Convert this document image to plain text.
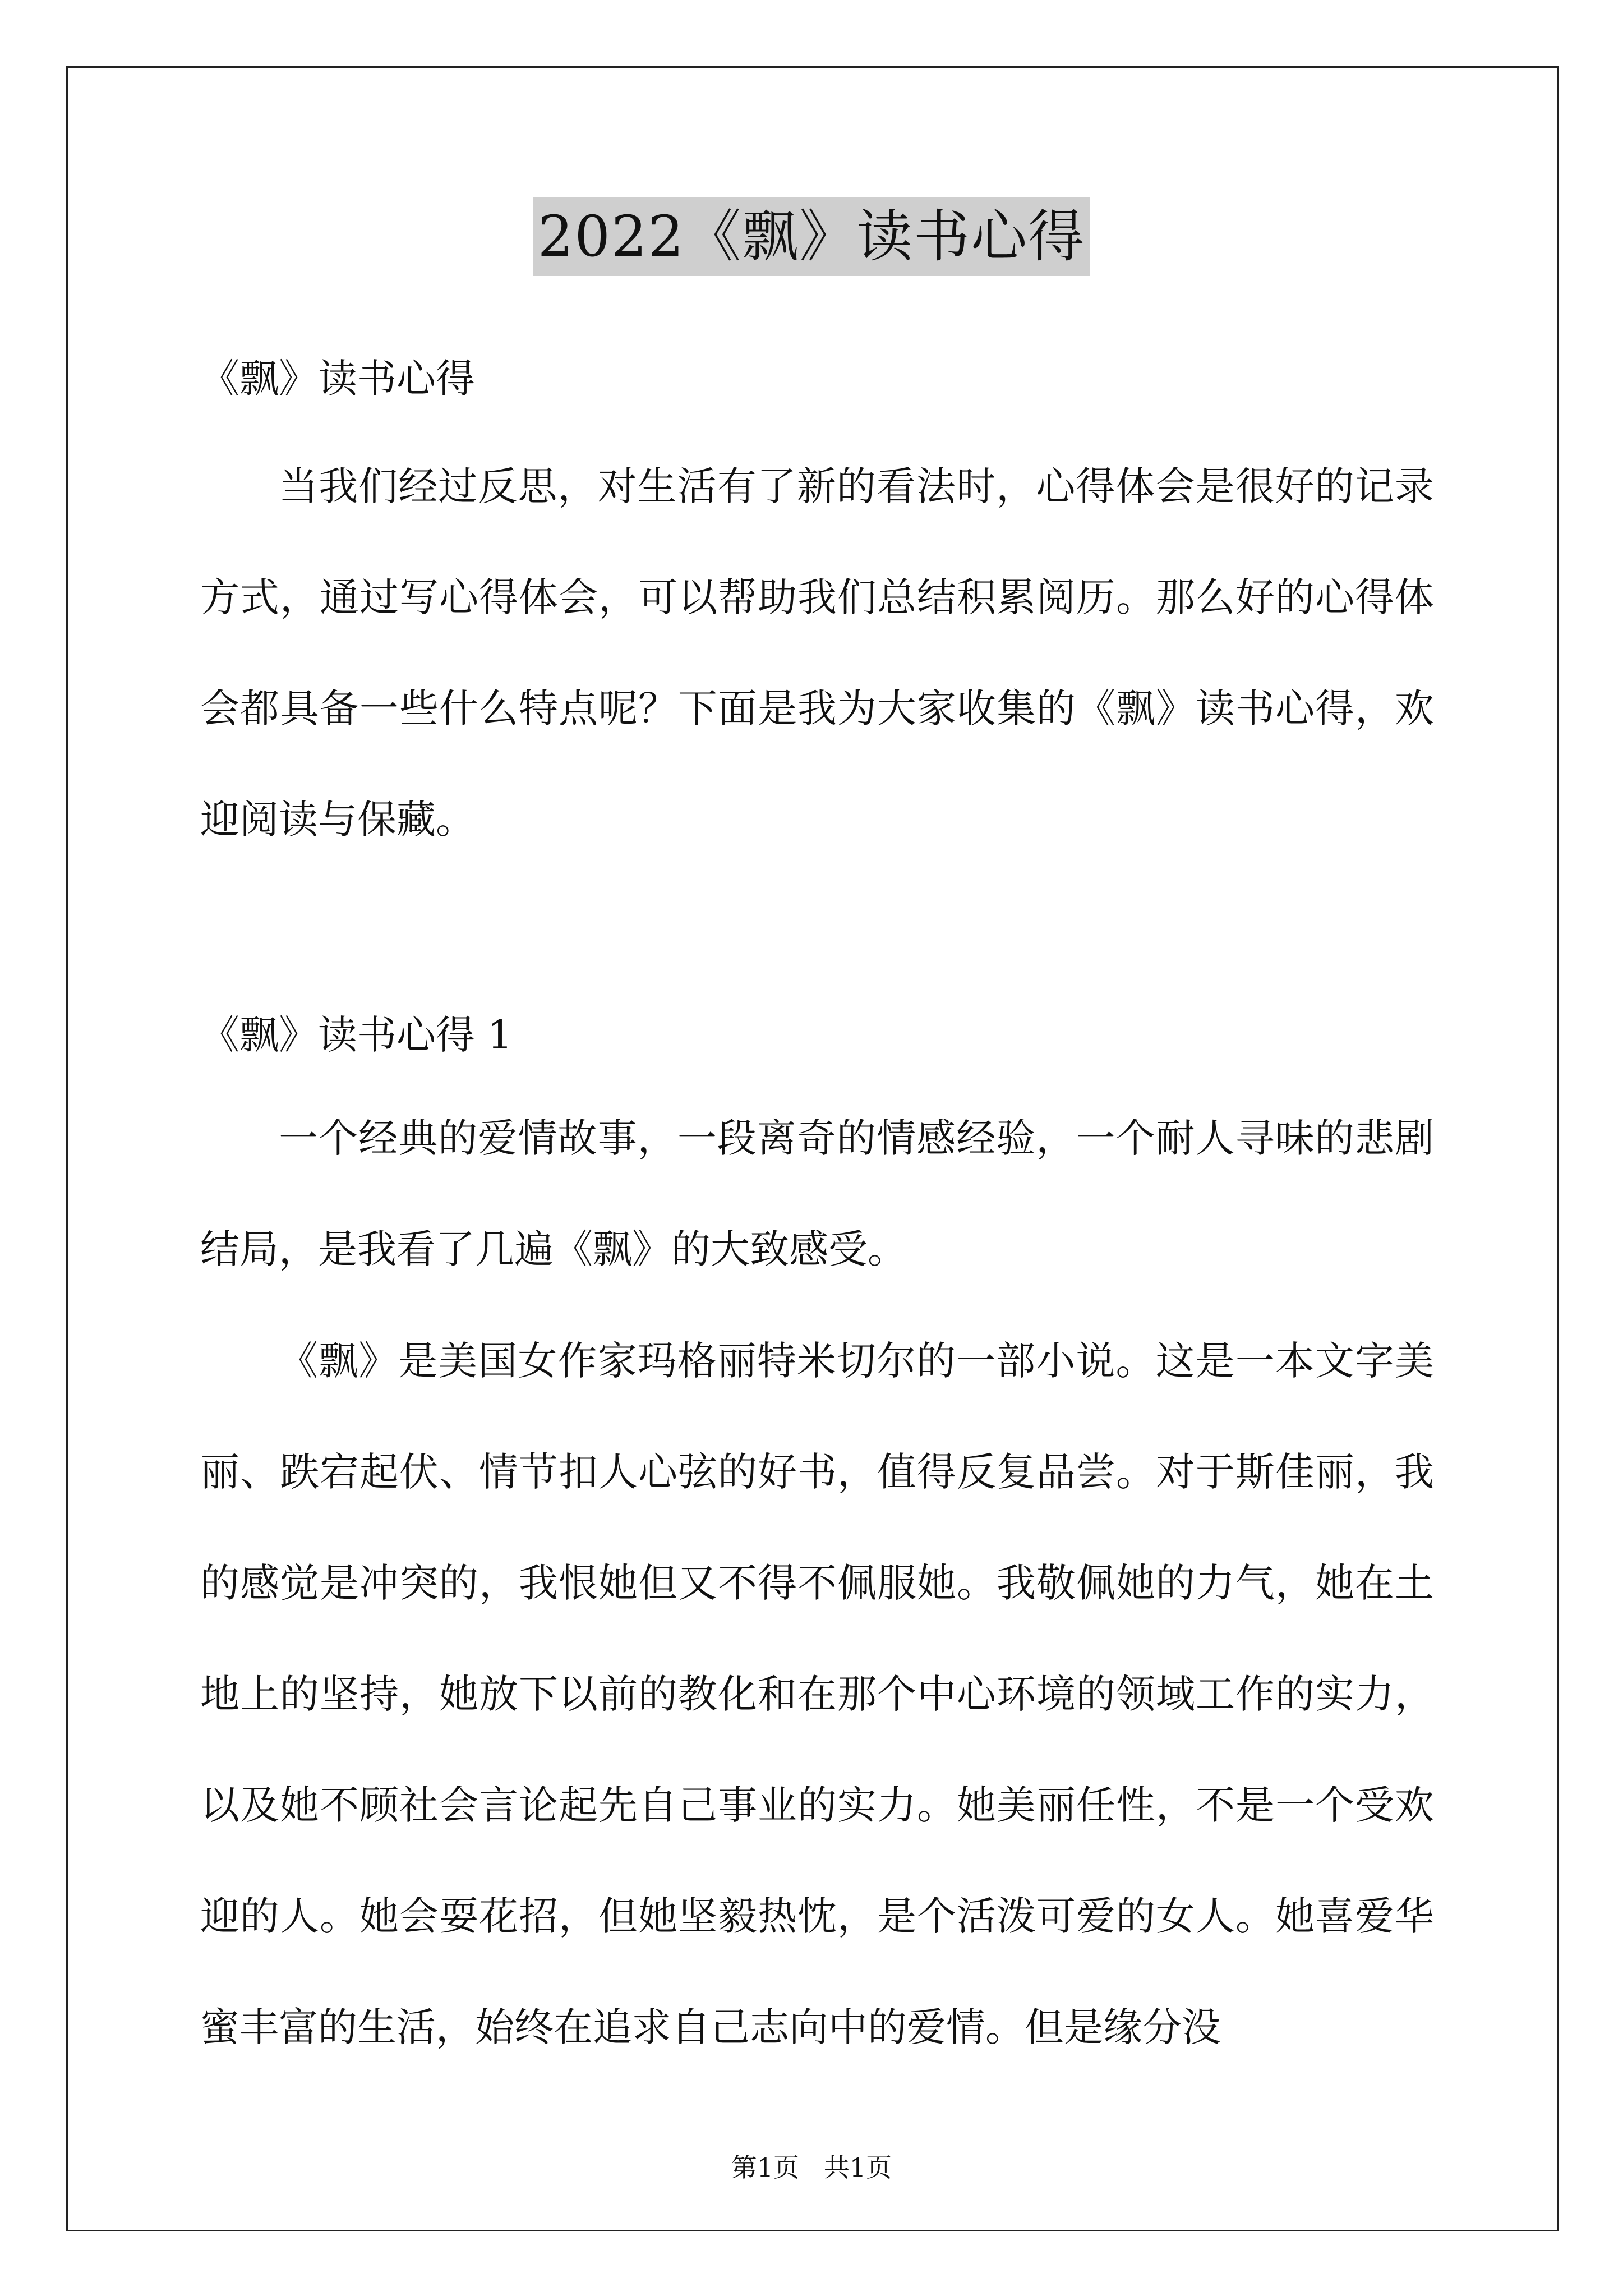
2022《飘》读书心得

《飘》读书心得

当我们经过反思，对生活有了新的看法时，心得体会是很好的记录方式，通过写心得体会，可以帮助我们总结积累阅历。那么好的心得体会都具备一些什么特点呢？下面是我为大家收集的《飘》读书心得，欢迎阅读与保藏。

《飘》读书心得 1

一个经典的爱情故事，一段离奇的情感经验，一个耐人寻味的悲剧结局，是我看了几遍《飘》的大致感受。

《飘》是美国女作家玛格丽特米切尔的一部小说。这是一本文字美丽、跌宕起伏、情节扣人心弦的好书，值得反复品尝。对于斯佳丽，我的感觉是冲突的，我恨她但又不得不佩服她。我敬佩她的力气，她在土地上的坚持，她放下以前的教化和在那个中心环境的领域工作的实力，以及她不顾社会言论起先自己事业的实力。她美丽任性，不是一个受欢迎的人。她会耍花招，但她坚毅热忱，是个活泼可爱的女人。她喜爱华蜜丰富的生活，始终在追求自己志向中的爱情。但是缘分没

第1页   共1页
